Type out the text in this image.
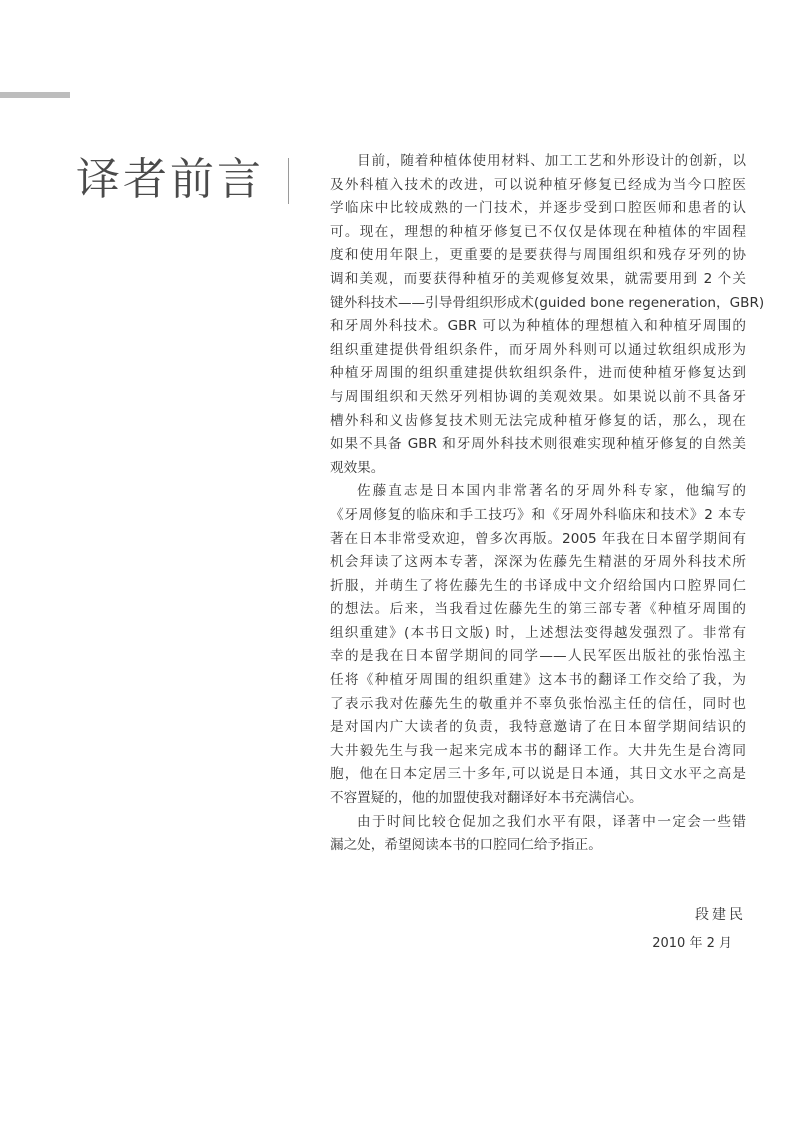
译者前言	目前，随着种植体使用材料、加工工艺和外形设计的创新，以
及外科植入技术的改进，可以说种植牙修复已经成为当今口腔医
学临床中比较成熟的一门技术，并逐步受到口腔医师和患者的认
可。现在，理想的种植牙修复已不仅仅是体现在种植体的牢固程
度和使用年限上，更重要的是要获得与周围组织和残存牙列的协
调和美观，而要获得种植牙的美观修复效果，就需要用到 2 个关
键外科技术——引导骨组织形成术(guided bone regeneration，GBR)
和牙周外科技术。GBR 可以为种植体的理想植入和种植牙周围的
组织重建提供骨组织条件，而牙周外科则可以通过软组织成形为
种植牙周围的组织重建提供软组织条件，进而使种植牙修复达到
与周围组织和天然牙列相协调的美观效果。如果说以前不具备牙
槽外科和义齿修复技术则无法完成种植牙修复的话，那么，现在
如果不具备 GBR 和牙周外科技术则很难实现种植牙修复的自然美
观效果。
佐藤直志是日本国内非常著名的牙周外科专家，他编写的
《牙周修复的临床和手工技巧》和《牙周外科临床和技术》2 本专
著在日本非常受欢迎，曾多次再版。2005 年我在日本留学期间有
机会拜读了这两本专著，深深为佐藤先生精湛的牙周外科技术所
折服，并萌生了将佐藤先生的书译成中文介绍给国内口腔界同仁
的想法。后来，当我看过佐藤先生的第三部专著《种植牙周围的
组织重建》(本书日文版) 时，上述想法变得越发强烈了。非常有
幸的是我在日本留学期间的同学——人民军医出版社的张怡泓主
任将《种植牙周围的组织重建》这本书的翻译工作交给了我，为
了表示我对佐藤先生的敬重并不辜负张怡泓主任的信任，同时也
是对国内广大读者的负责，我特意邀请了在日本留学期间结识的
大井毅先生与我一起来完成本书的翻译工作。大井先生是台湾同
胞，他在日本定居三十多年,可以说是日本通，其日文水平之高是
不容置疑的，他的加盟使我对翻译好本书充满信心。
由于时间比较仓促加之我们水平有限，译著中一定会一些错
漏之处，希望阅读本书的口腔同仁给予指正。
段建民
2010 年 2 月
